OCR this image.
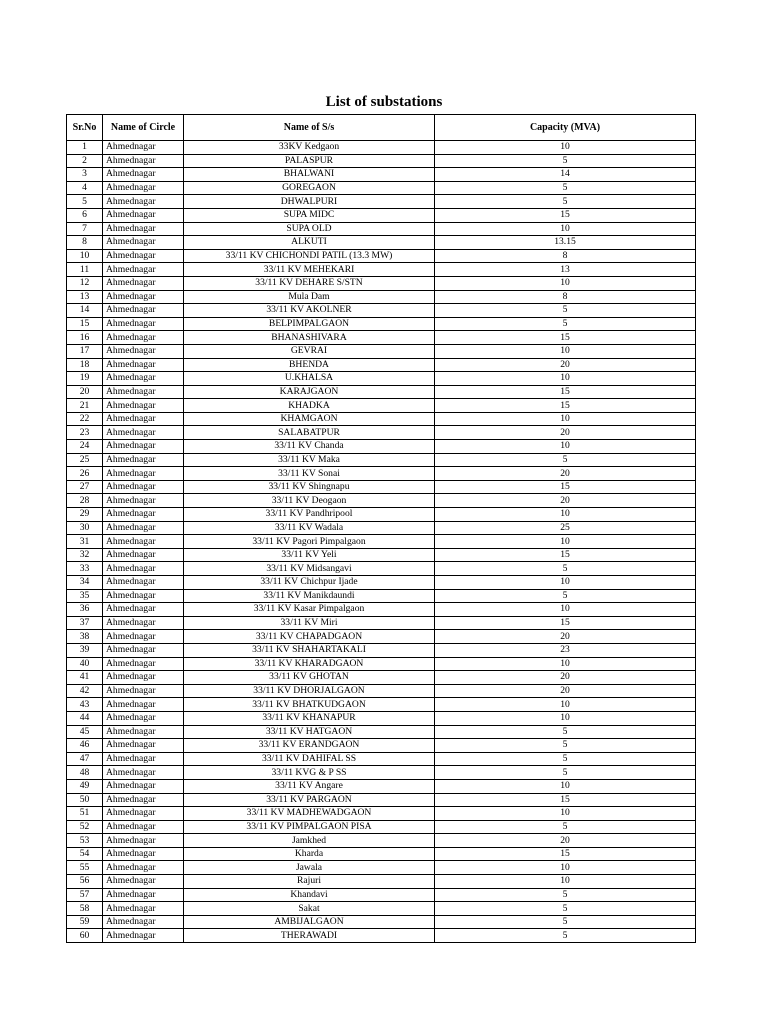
List of substations
Sr.No	Name of Circle	Name of S/s	Capacity (MVA)
1	Ahmednagar	33KV Kedgaon	10
2	Ahmednagar	PALASPUR	5
3	Ahmednagar	BHALWANI	14
4	Ahmednagar	GOREGAON	5
5	Ahmednagar	DHWALPURI	5
6	Ahmednagar	SUPA MIDC	15
7	Ahmednagar	SUPA OLD	10
8	Ahmednagar	ALKUTI	13.15
10	Ahmednagar	33/11 KV CHICHONDI PATIL (13.3 MW)	8
11	Ahmednagar	33/11 KV MEHEKARI	13
12	Ahmednagar	33/11 KV DEHARE S/STN	10
13	Ahmednagar	Mula Dam	8
14	Ahmednagar	33/11 KV AKOLNER	5
15	Ahmednagar	BELPIMPALGAON	5
16	Ahmednagar	BHANASHIVARA	15
17	Ahmednagar	GEVRAI	10
18	Ahmednagar	BHENDA	20
19	Ahmednagar	U.KHALSA	10
20	Ahmednagar	KARAJGAON	15
21	Ahmednagar	KHADKA	15
22	Ahmednagar	KHAMGAON	10
23	Ahmednagar	SALABATPUR	20
24	Ahmednagar	33/11 KV Chanda	10
25	Ahmednagar	33/11 KV Maka	5
26	Ahmednagar	33/11 KV Sonai	20
27	Ahmednagar	33/11 KV Shingnapu	15
28	Ahmednagar	33/11 KV Deogaon	20
29	Ahmednagar	33/11 KV Pandhripool	10
30	Ahmednagar	33/11 KV Wadala	25
31	Ahmednagar	33/11 KV Pagori Pimpalgaon	10
32	Ahmednagar	33/11 KV Yeli	15
33	Ahmednagar	33/11 KV Midsangavi	5
34	Ahmednagar	33/11 KV Chichpur Ijade	10
35	Ahmednagar	33/11 KV Manikdaundi	5
36	Ahmednagar	33/11 KV Kasar Pimpalgaon	10
37	Ahmednagar	33/11 KV Miri	15
38	Ahmednagar	33/11 KV CHAPADGAON	20
39	Ahmednagar	33/11 KV SHAHARTAKALI	23
40	Ahmednagar	33/11 KV KHARADGAON	10
41	Ahmednagar	33/11 KV GHOTAN	20
42	Ahmednagar	33/11 KV DHORJALGAON	20
43	Ahmednagar	33/11 KV BHATKUDGAON	10
44	Ahmednagar	33/11 KV KHANAPUR	10
45	Ahmednagar	33/11 KV HATGAON	5
46	Ahmednagar	33/11 KV ERANDGAON	5
47	Ahmednagar	33/11 KV DAHIFAL SS	5
48	Ahmednagar	33/11 KVG & P SS	5
49	Ahmednagar	33/11 KV Angare	10
50	Ahmednagar	33/11 KV PARGAON	15
51	Ahmednagar	33/11 KV MADHEWADGAON	10
52	Ahmednagar	33/11 KV PIMPALGAON PISA	5
53	Ahmednagar	Jamkhed	20
54	Ahmednagar	Kharda	15
55	Ahmednagar	Jawala	10
56	Ahmednagar	Rajuri	10
57	Ahmednagar	Khandavi	5
58	Ahmednagar	Sakat	5
59	Ahmednagar	AMBIJALGAON	5
60	Ahmednagar	THERAWADI	5
